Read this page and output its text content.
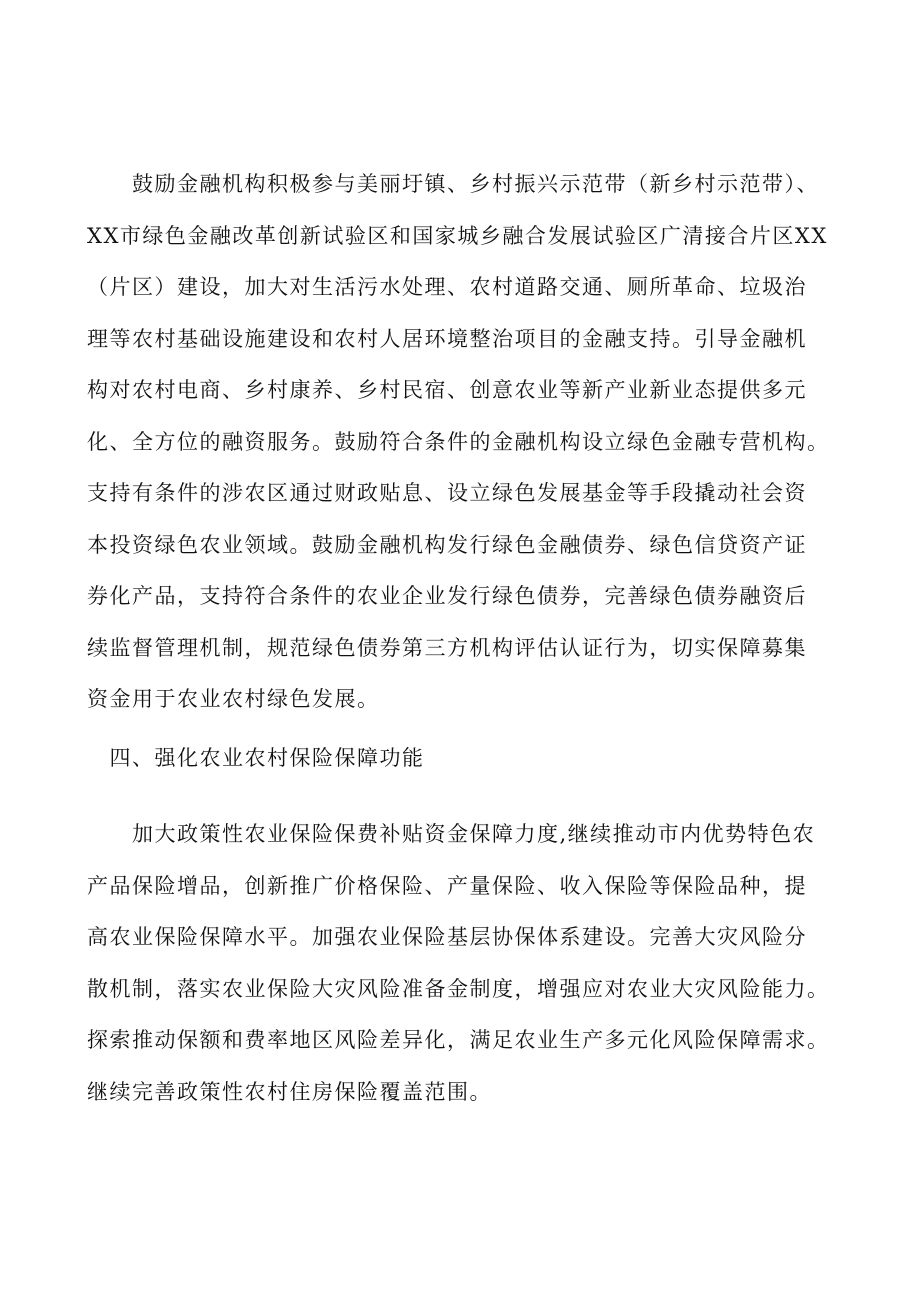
　　鼓励金融机构积极参与美丽圩镇、乡村振兴示范带（新乡村示范带）、
XX市绿色金融改革创新试验区和国家城乡融合发展试验区广清接合片区XX
（片区）建设，加大对生活污水处理、农村道路交通、厕所革命、垃圾治
理等农村基础设施建设和农村人居环境整治项目的金融支持。引导金融机
构对农村电商、乡村康养、乡村民宿、创意农业等新产业新业态提供多元
化、全方位的融资服务。鼓励符合条件的金融机构设立绿色金融专营机构。
支持有条件的涉农区通过财政贴息、设立绿色发展基金等手段撬动社会资
本投资绿色农业领域。鼓励金融机构发行绿色金融债券、绿色信贷资产证
券化产品，支持符合条件的农业企业发行绿色债券，完善绿色债券融资后
续监督管理机制，规范绿色债券第三方机构评估认证行为，切实保障募集
资金用于农业农村绿色发展。
　四、强化农业农村保险保障功能
　　加大政策性农业保险保费补贴资金保障力度,继续推动市内优势特色农
产品保险增品，创新推广价格保险、产量保险、收入保险等保险品种，提
高农业保险保障水平。加强农业保险基层协保体系建设。完善大灾风险分
散机制，落实农业保险大灾风险准备金制度，增强应对农业大灾风险能力。
探索推动保额和费率地区风险差异化，满足农业生产多元化风险保障需求。
继续完善政策性农村住房保险覆盖范围。
